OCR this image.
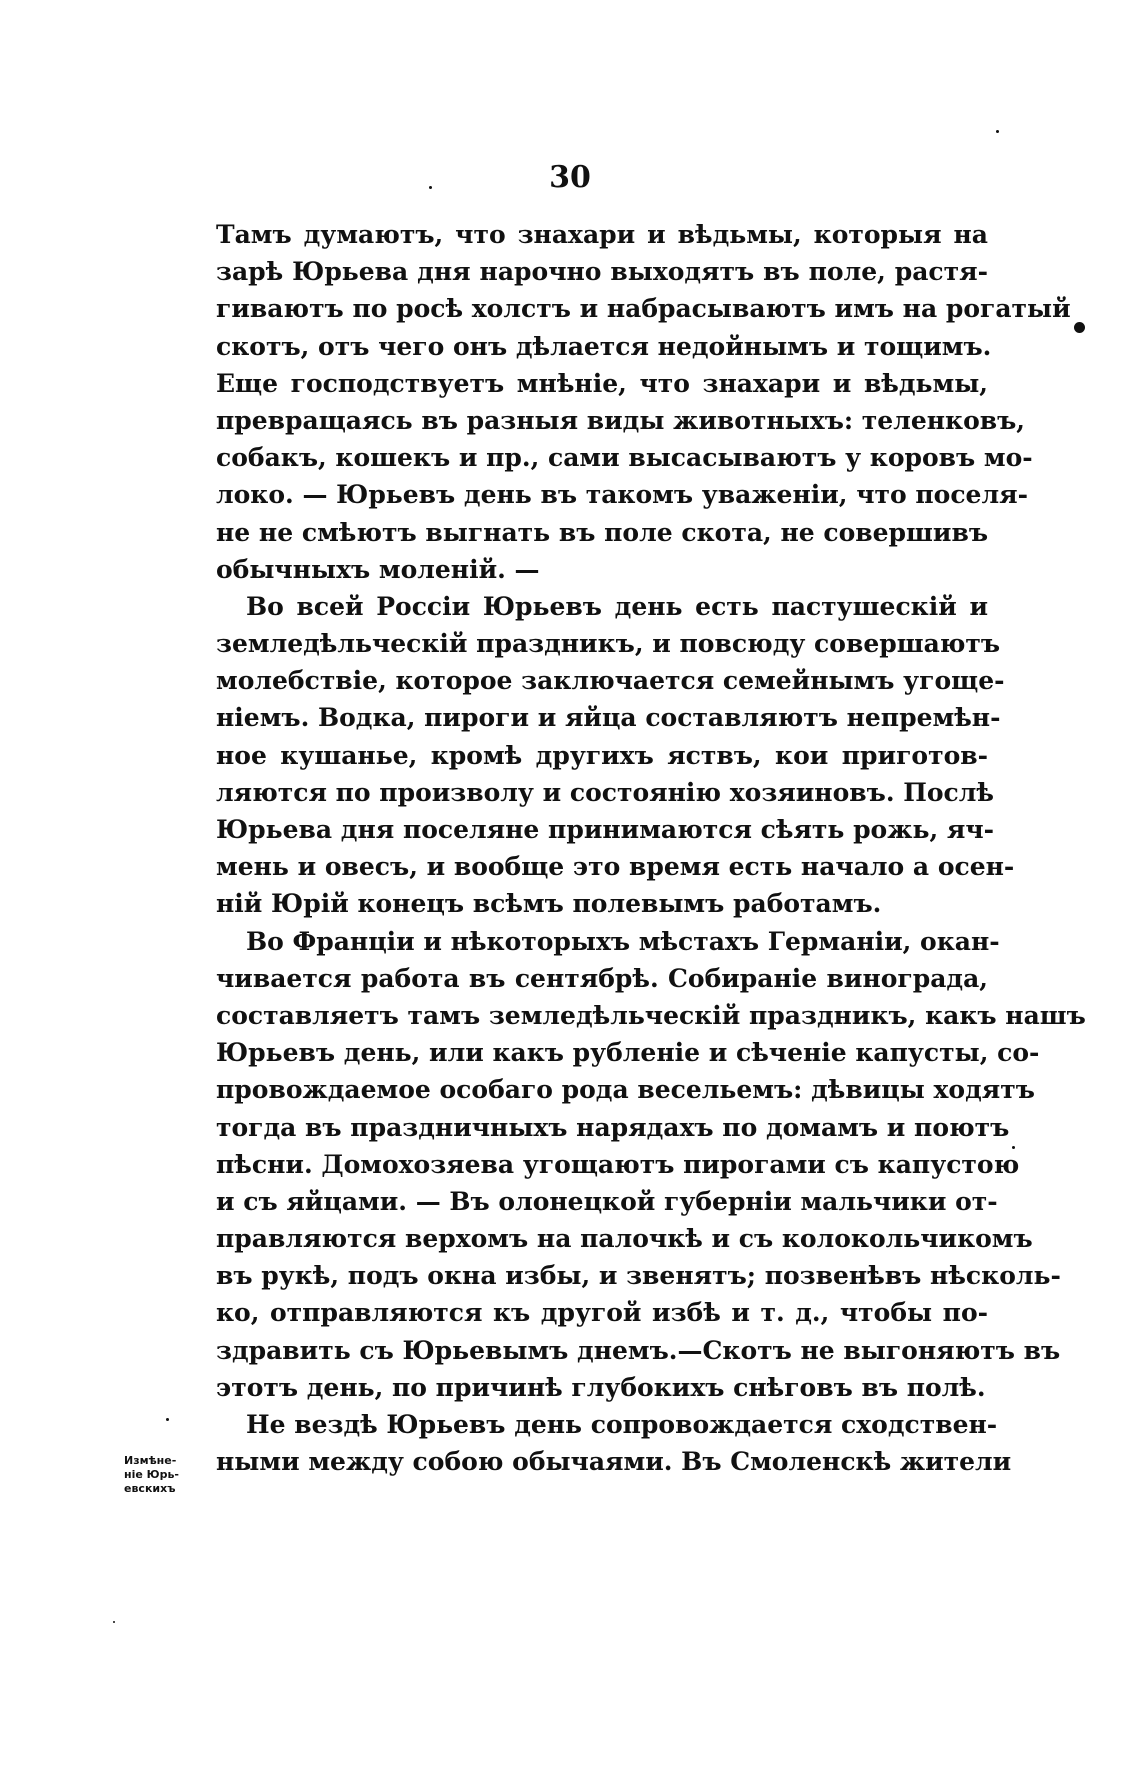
30
Тамъ думаютъ, что знахари и вѣдьмы, которыя на
зарѣ Юрьева дня нарочно выходятъ въ поле, растя-
гиваютъ по росѣ холстъ и набрасываютъ имъ на рогатый
скотъ, отъ чего онъ дѣлается недойнымъ и тощимъ.
Еще господствуетъ мнѣніе, что знахари и вѣдьмы,
превращаясь въ разныя виды животныхъ: теленковъ,
собакъ, кошекъ и пр., сами высасываютъ у коровъ мо-
локо. — Юрьевъ день въ такомъ уваженіи, что поселя-
не не смѣютъ выгнать въ поле скота, не совершивъ
обычныхъ моленій. —
Во всей Россіи Юрьевъ день есть пастушескій и
земледѣльческій праздникъ, и повсюду совершаютъ
молебствіе, которое заключается семейнымъ угоще-
ніемъ. Водка, пироги и яйца составляютъ непремѣн-
ное кушанье, кромѣ другихъ яствъ, кои приготов-
ляются по произволу и состоянію хозяиновъ. Послѣ
Юрьева дня поселяне принимаются сѣять рожь, яч-
мень и овесъ, и вообще это время есть начало а осен-
ній Юрій конецъ всѣмъ полевымъ работамъ.
Во Франціи и нѣкоторыхъ мѣстахъ Германіи, окан-
чивается работа въ сентябрѣ. Собираніе винограда,
составляетъ тамъ земледѣльческій праздникъ, какъ нашъ
Юрьевъ день, или какъ рубленіе и сѣченіе капусты, со-
провождаемое особаго рода весельемъ: дѣвицы ходятъ
тогда въ праздничныхъ нарядахъ по домамъ и поютъ
пѣсни. Домохозяева угощаютъ пирогами съ капустою
и съ яйцами. — Въ олонецкой губерніи мальчики от-
правляются верхомъ на палочкѣ и съ колокольчикомъ
въ рукѣ, подъ окна избы, и звенятъ; позвенѣвъ нѣсколь-
ко, отправляются къ другой избѣ и т. д., чтобы по-
здравить съ Юрьевымъ днемъ.—Скотъ не выгоняютъ въ
этотъ день, по причинѣ глубокихъ снѣговъ въ полѣ.
Не вездѣ Юрьевъ день сопровождается сходствен-
ными между собою обычаями. Въ Смоленскѣ жители
Измѣне-
ніе Юрь-
евскихъ
